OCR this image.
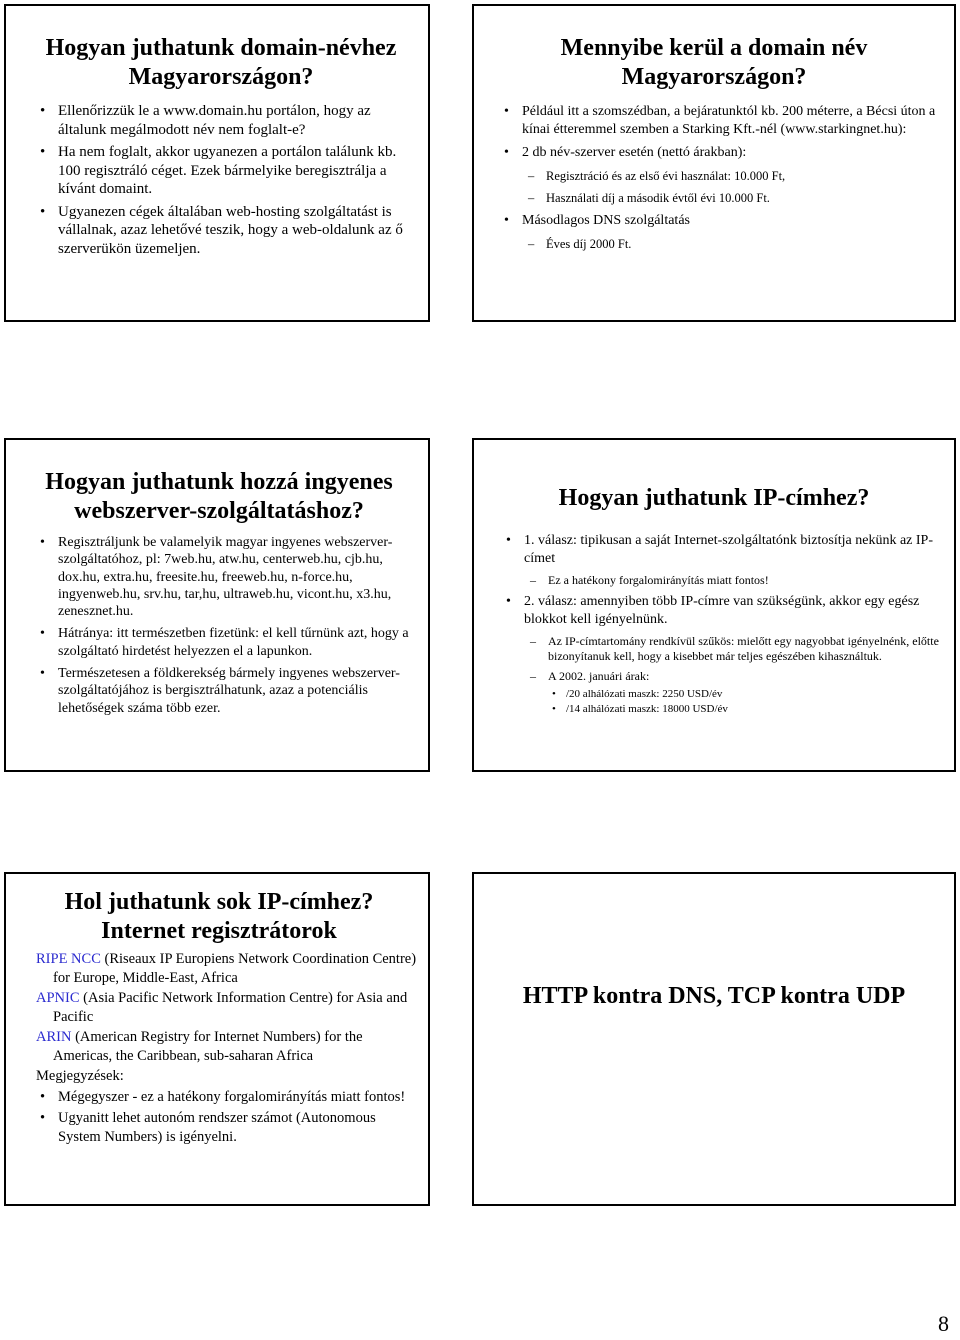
Hogyan juthatunk domain-névhez Magyarországon?
• Ellenőrizzük le a www.domain.hu portálon, hogy az általunk megálmodott név nem foglalt-e?
• Ha nem foglalt, akkor ugyanezen a portálon találunk kb. 100 regisztráló céget. Ezek bármelyike beregisztrálja a kívánt domaint.
• Ugyanezen cégek általában web-hosting szolgáltatást is vállalnak, azaz lehetővé teszik, hogy a web-oldalunk az ő szerverükön üzemeljen.
Mennyibe kerül a domain név Magyarországon?
• Például itt a szomszédban, a bejáratunktól kb. 200 méterre, a Bécsi úton a kínai étteremmel szemben a Starking Kft.-nél (www.starkingnet.hu):
• 2 db név-szerver esetén (nettó árakban):
– Regisztráció és az első évi használat: 10.000 Ft,
– Használati díj a második évtől évi 10.000 Ft.
• Másodlagos DNS szolgáltatás
– Éves díj 2000 Ft.
Hogyan juthatunk hozzá ingyenes webszerver-szolgáltatáshoz?
• Regisztráljunk be valamelyik magyar ingyenes webszerver-szolgáltatóhoz, pl: 7web.hu, atw.hu, centerweb.hu, cjb.hu, dox.hu, extra.hu, freesite.hu, freeweb.hu, n-force.hu, ingyenweb.hu, srv.hu, tar,hu, ultraweb.hu, vicont.hu, x3.hu, zenesznet.hu.
• Hátránya: itt természetben fizetünk: el kell tűrnünk azt, hogy a szolgáltató hirdetést helyezzen el a lapunkon.
• Természetesen a földkerekség bármely ingyenes webszerver-szolgáltatójához is bergisztrálhatunk, azaz a potenciális lehetőségek száma több ezer.
Hogyan juthatunk IP-címhez?
• 1. válasz: tipikusan a saját Internet-szolgáltatónk biztosítja nekünk az IP-címet
– Ez a hatékony forgalomirányítás miatt fontos!
• 2. válasz: amennyiben több IP-címre van szükségünk, akkor egy egész blokkot kell igényelnünk.
– Az IP-címtartomány rendkívül szűkös: mielőtt egy nagyobbat igényelnénk, előtte bizonyítanuk kell, hogy a kisebbet már teljes egészében kihasználtuk.
– A 2002. januári árak:
• /20 alhálózati maszk: 2250 USD/év
• /14 alhálózati maszk: 18000 USD/év
Hol juthatunk sok IP-címhez?
Internet regisztrátorok
RIPE NCC (Riseaux IP Europiens Network Coordination Centre) for Europe, Middle-East, Africa
APNIC (Asia Pacific Network Information Centre) for Asia and Pacific
ARIN (American Registry for Internet Numbers) for the Americas, the Caribbean, sub-saharan Africa
Megjegyzések:
• Mégegyszer - ez a hatékony forgalomirányítás miatt fontos!
• Ugyanitt lehet autonóm rendszer számot (Autonomous System Numbers) is igényelni.
HTTP kontra DNS, TCP kontra UDP
8
